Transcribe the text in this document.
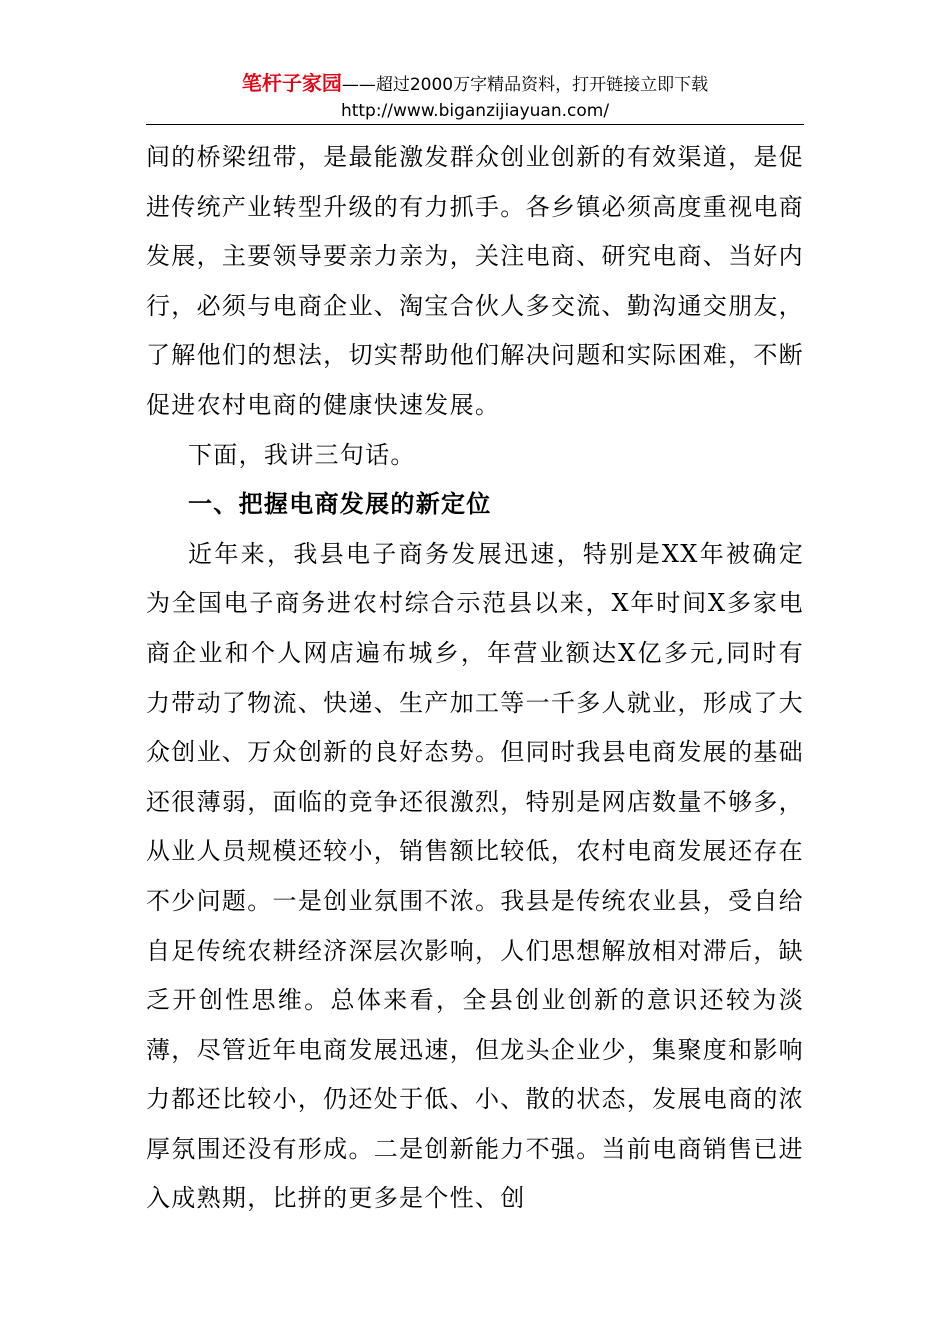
笔杆子家园——超过2000万字精品资料，打开链接立即下载http://www.biganzijiayuan.com/

间的桥梁纽带，是最能激发群众创业创新的有效渠道，是促进传统产业转型升级的有力抓手。各乡镇必须高度重视电商发展，主要领导要亲力亲为，关注电商、研究电商、当好内行，必须与电商企业、淘宝合伙人多交流、勤沟通交朋友，了解他们的想法，切实帮助他们解决问题和实际困难，不断促进农村电商的健康快速发展。

下面，我讲三句话。

一、把握电商发展的新定位

近年来，我县电子商务发展迅速，特别是XX年被确定为全国电子商务进农村综合示范县以来，X年时间X多家电商企业和个人网店遍布城乡，年营业额达X亿多元,同时有力带动了物流、快递、生产加工等一千多人就业，形成了大众创业、万众创新的良好态势。但同时我县电商发展的基础还很薄弱，面临的竞争还很激烈，特别是网店数量不够多，从业人员规模还较小，销售额比较低，农村电商发展还存在不少问题。一是创业氛围不浓。我县是传统农业县，受自给自足传统农耕经济深层次影响，人们思想解放相对滞后，缺乏开创性思维。总体来看，全县创业创新的意识还较为淡薄，尽管近年电商发展迅速，但龙头企业少，集聚度和影响力都还比较小，仍还处于低、小、散的状态，发展电商的浓厚氛围还没有形成。二是创新能力不强。当前电商销售已进入成熟期，比拼的更多是个性、创
